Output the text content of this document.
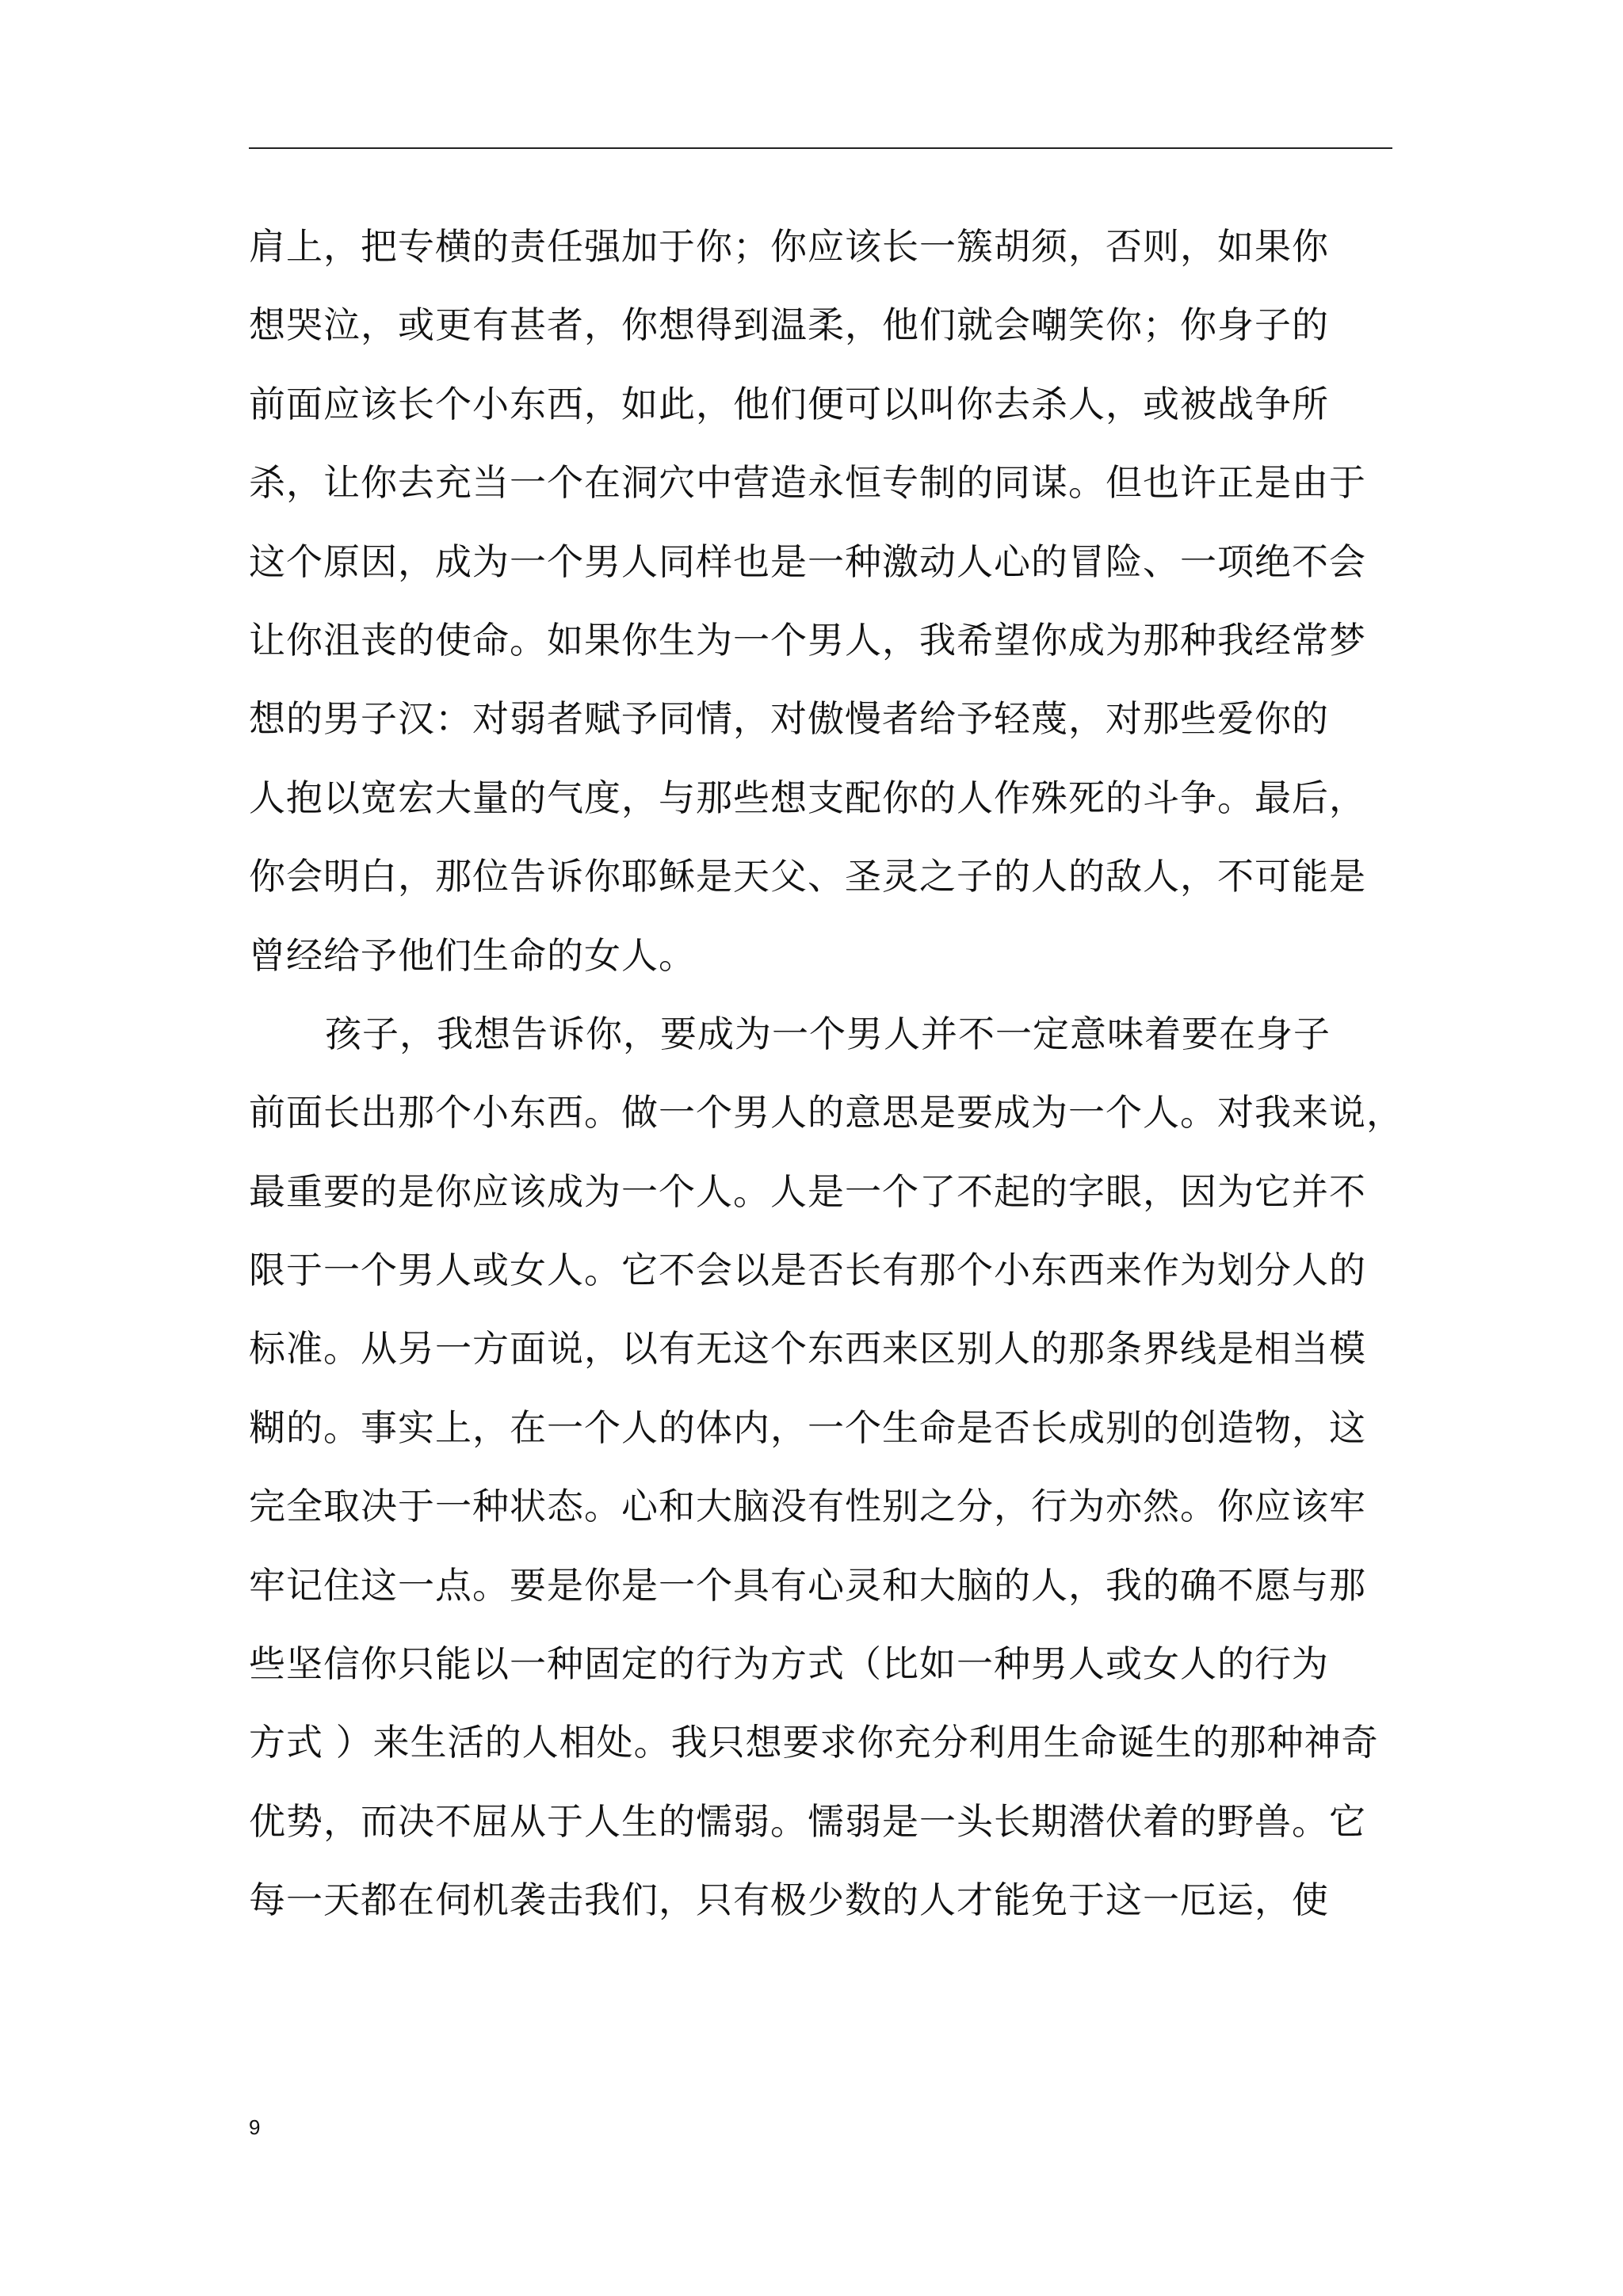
肩上，把专横的责任强加于你；你应该长一簇胡须，否则，如果你
想哭泣，或更有甚者，你想得到温柔，他们就会嘲笑你；你身子的
前面应该长个小东西，如此，他们便可以叫你去杀人，或被战争所
杀，让你去充当一个在洞穴中营造永恒专制的同谋。但也许正是由于
这个原因，成为一个男人同样也是一种激动人心的冒险、一项绝不会
让你沮丧的使命。如果你生为一个男人，我希望你成为那种我经常梦
想的男子汉：对弱者赋予同情，对傲慢者给予轻蔑，对那些爱你的
人抱以宽宏大量的气度，与那些想支配你的人作殊死的斗争。最后，
你会明白，那位告诉你耶稣是天父、圣灵之子的人的敌人，不可能是
曾经给予他们生命的女人。
孩子，我想告诉你，要成为一个男人并不一定意味着要在身子
前面长出那个小东西。做一个男人的意思是要成为一个人。对我来说，
最重要的是你应该成为一个人。人是一个了不起的字眼，因为它并不
限于一个男人或女人。它不会以是否长有那个小东西来作为划分人的
标准。从另一方面说，以有无这个东西来区别人的那条界线是相当模
糊的。事实上，在一个人的体内，一个生命是否长成别的创造物，这
完全取决于一种状态。心和大脑没有性别之分，行为亦然。你应该牢
牢记住这一点。要是你是一个具有心灵和大脑的人，我的确不愿与那
些坚信你只能以一种固定的行为方式（比如一种男人或女人的行为
方式 ）来生活的人相处。我只想要求你充分利用生命诞生的那种神奇
优势，而决不屈从于人生的懦弱。懦弱是一头长期潜伏着的野兽。它
每一天都在伺机袭击我们，只有极少数的人才能免于这一厄运，使
9
